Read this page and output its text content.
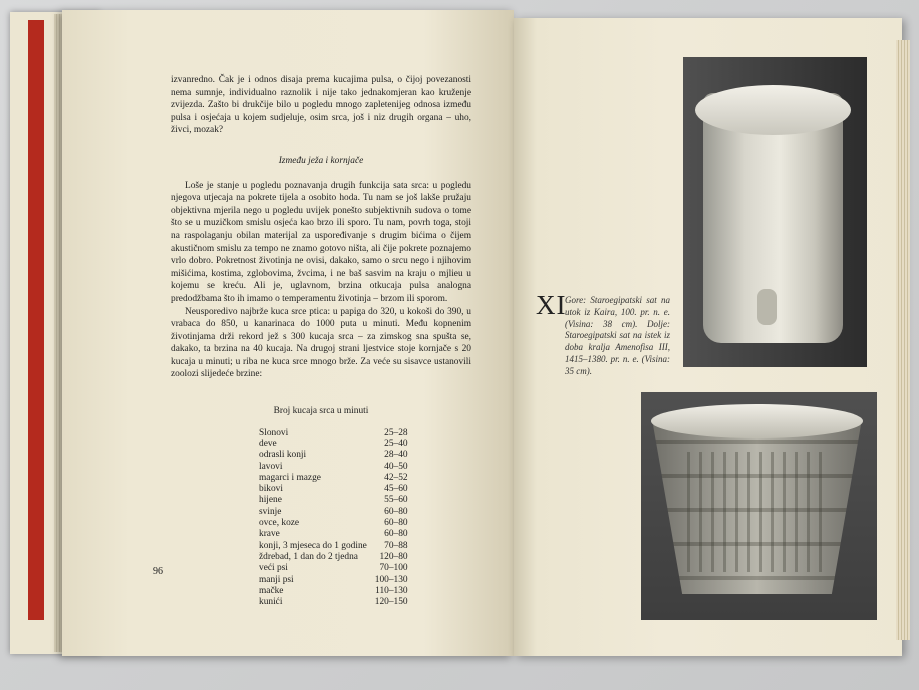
izvanredno. Čak je i odnos disaja prema kucajima pulsa, o čijoj povezanosti nema sumnje, individualno raznolik i nije tako jednakomjeran kao kruženje zvijezda. Zašto bi drukčije bilo u pogledu mnogo zapletenijeg odnosa između pulsa i osjećaja u kojem sudjeluje, osim srca, još i niz drugih organa – uho, živci, mozak?

Između ježa i kornjače

Loše je stanje u pogledu poznavanja drugih funkcija sata srca: u pogledu njegova utjecaja na pokrete tijela a osobito hoda. Tu nam se još lakše pružaju objektivna mjerila nego u pogledu uvijek ponešto subjektivnih sudova o tome što se u muzičkom smislu osjeća kao brzo ili sporo. Tu nam, povrh toga, stoji na raspolaganju obilan materijal za uspoređivanje s drugim bićima o čijem akustičnom smislu za tempo ne znamo gotovo ništa, ali čije pokrete poznajemo vrlo dobro. Pokretnost životinja ne ovisi, dakako, samo o srcu nego i njihovim mišićima, kostima, zglobovima, žvcima, i ne baš sasvim na kraju o mjlieu u kojemu se kreću. Ali je, uglavnom, brzina otkucaja pulsa analogna predodžbama što ih imamo o temperamentu životinja – brzom ili sporom.

Neusporedivo najbrže kuca srce ptica: u papiga do 320, u kokoši do 390, u vrabaca do 850, u kanarinaca do 1000 puta u minuti. Među kopnenim životinjama drži rekord jež s 300 kucaja srca – za zimskog sna spušta se, dakako, ta brzina na 40 kucaja. Na drugoj strani ljestvice stoje kornjače s 20 kucaja u minuti; u riba ne kuca srce mnogo brže. Za veće su sisavce ustanovili zoolozi slijedeće brzine:

Broj kucaja srca u minuti

Slonovi	25–28
deve	25–40
odrasli konji	28–40
lavovi	40–50
magarci i mazge	42–52
bikovi	45–60
hijene	55–60
svinje	60–80
ovce, koze	60–80
krave	60–80
konji, 3 mjeseca do 1 godine	70–88
ždrebad, 1 dan do 2 tjedna	120–80
veći psi	70–100
manji psi	100–130
mačke	110–130
kunići	120–150
96
XI
Gore: Staroegipatski sat na utok iz Kaira, 100. pr. n. e. (Visina: 38 cm). Dolje: Staroegipatski sat na istek iz doba kralja Amenofisa III, 1415–1380. pr. n. e. (Visina: 35 cm).
